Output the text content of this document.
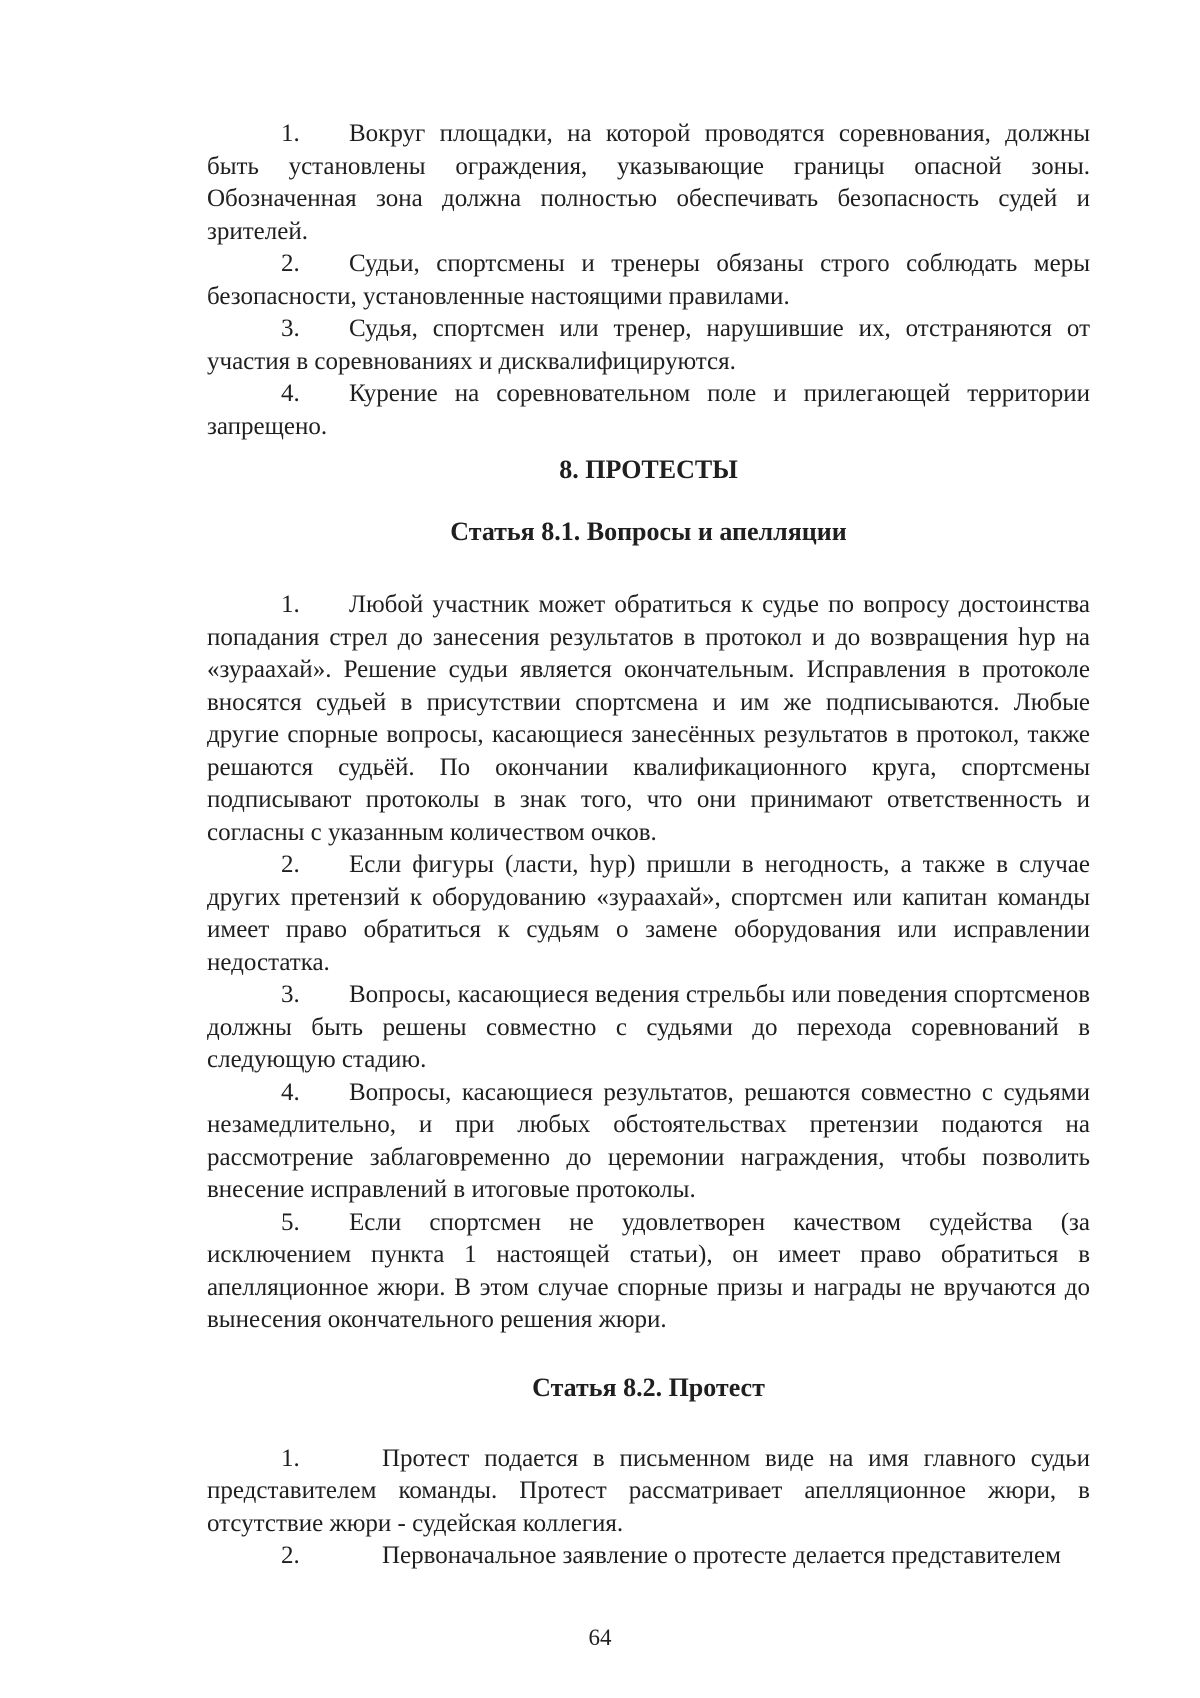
1. Вокруг площадки, на которой проводятся соревнования, должны быть установлены ограждения, указывающие границы опасной зоны. Обозначенная зона должна полностью обеспечивать безопасность судей и зрителей.

2. Судьи, спортсмены и тренеры обязаны строго соблюдать меры безопасности, установленные настоящими правилами.

3. Судья, спортсмен или тренер, нарушившие их, отстраняются от участия в соревнованиях и дисквалифицируются.

4. Курение на соревновательном поле и прилегающей территории запрещено.

8. ПРОТЕСТЫ
Статья 8.1. Вопросы и апелляции

1. Любой участник может обратиться к судье по вопросу достоинства попадания стрел до занесения результатов в протокол и до возвращения һур на «зураахай». Решение судьи является окончательным. Исправления в протоколе вносятся судьей в присутствии спортсмена и им же подписываются. Любые другие спорные вопросы, касающиеся занесённых результатов в протокол, также решаются судьёй. По окончании квалификационного круга, спортсмены подписывают протоколы в знак того, что они принимают ответственность и согласны с указанным количеством очков.

2. Если фигуры (ласти, һур) пришли в негодность, а также в случае других претензий к оборудованию «зураахай», спортсмен или капитан команды имеет право обратиться к судьям о замене оборудования или исправлении недостатка.

3. Вопросы, касающиеся ведения стрельбы или поведения спортсменов должны быть решены совместно с судьями до перехода соревнований в следующую стадию.

4. Вопросы, касающиеся результатов, решаются совместно с судьями незамедлительно, и при любых обстоятельствах претензии подаются на рассмотрение заблаговременно до церемонии награждения, чтобы позволить внесение исправлений в итоговые протоколы.

5. Если спортсмен не удовлетворен качеством судейства (за исключением пункта 1 настоящей статьи), он имеет право обратиться в апелляционное жюри. В этом случае спорные призы и награды не вручаются до вынесения окончательного решения жюри.

Статья 8.2. Протест

1.	Протест подается в письменном виде на имя главного судьи представителем команды. Протест рассматривает апелляционное жюри, в отсутствие жюри - судейская коллегия.

2.	Первоначальное заявление о протесте делается представителем

64
